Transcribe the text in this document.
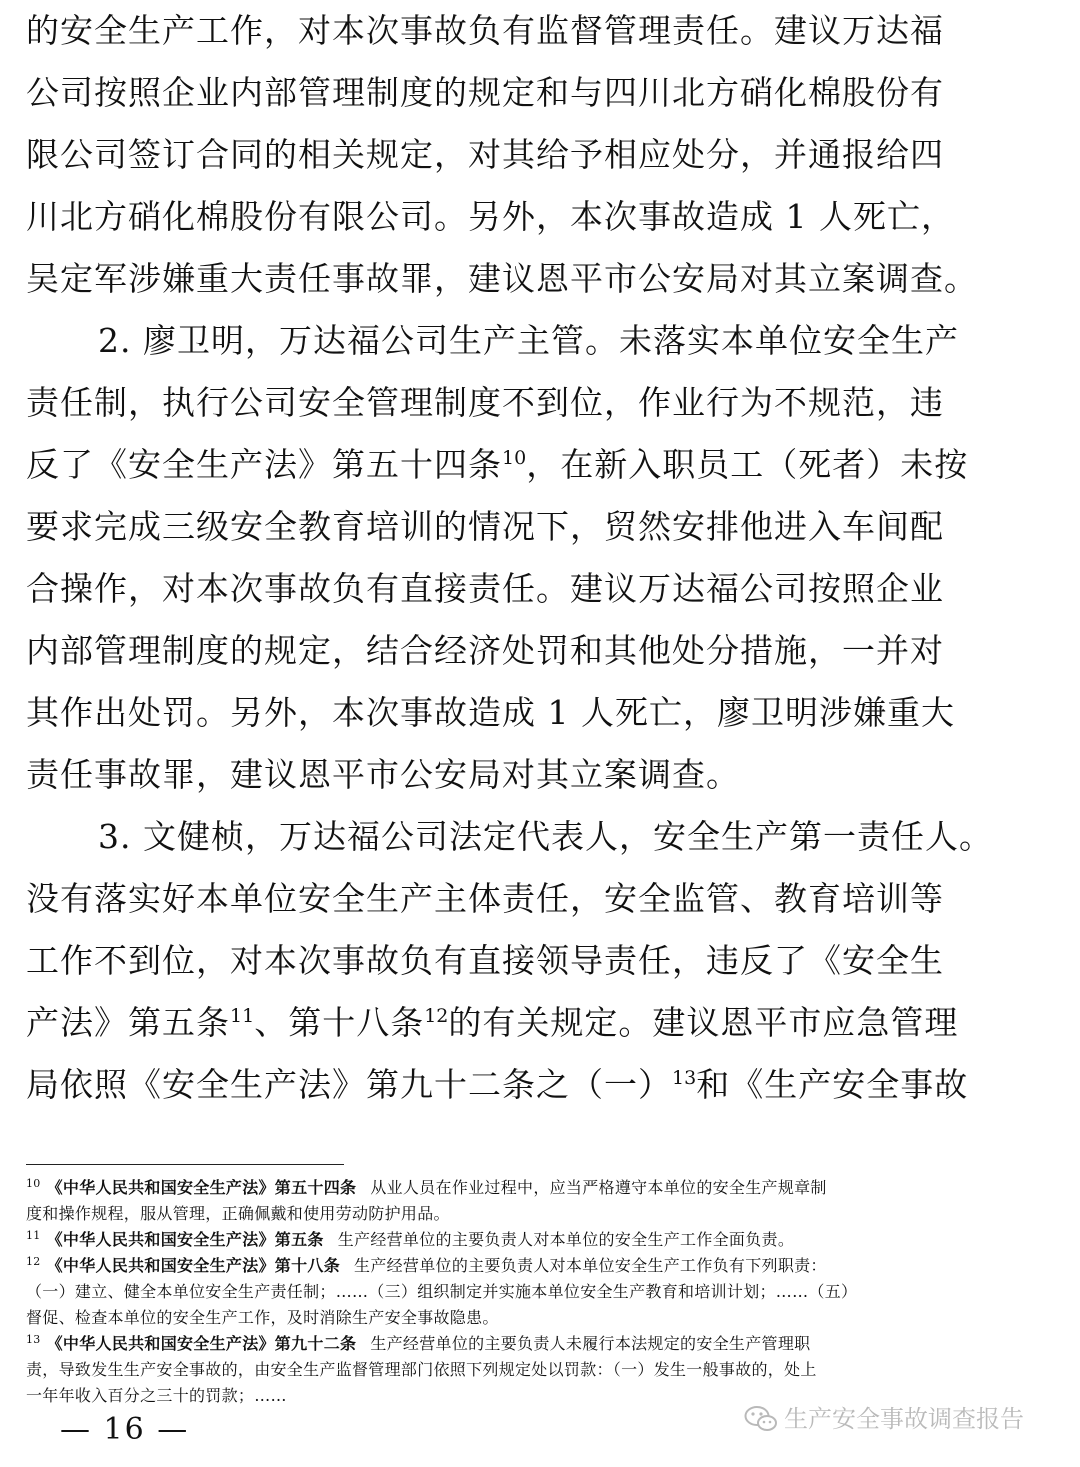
的安全生产工作，对本次事故负有监督管理责任。建议万达福
公司按照企业内部管理制度的规定和与四川北方硝化棉股份有
限公司签订合同的相关规定，对其给予相应处分，并通报给四
川北方硝化棉股份有限公司。另外，本次事故造成 1 人死亡，
吴定军涉嫌重大责任事故罪，建议恩平市公安局对其立案调查。

2. 廖卫明，万达福公司生产主管。未落实本单位安全生产
责任制，执行公司安全管理制度不到位，作业行为不规范，违
反了《安全生产法》第五十四条$^{10}$，在新入职员工（死者）未按
要求完成三级安全教育培训的情况下，贸然安排他进入车间配
合操作，对本次事故负有直接责任。建议万达福公司按照企业
内部管理制度的规定，结合经济处罚和其他处分措施，一并对
其作出处罚。另外，本次事故造成 1 人死亡，廖卫明涉嫌重大
责任事故罪，建议恩平市公安局对其立案调查。

3. 文健桢，万达福公司法定代表人，安全生产第一责任人。
没有落实好本单位安全生产主体责任，安全监管、教育培训等
工作不到位，对本次事故负有直接领导责任，违反了《安全生
产法》第五条$^{11}$、第十八条$^{12}$的有关规定。建议恩平市应急管理
局依照《安全生产法》第九十二条之（一）$^{13}$和《生产安全事故

$^{10}$ 《中华人民共和国安全生产法》第五十四条 从业人员在作业过程中，应当严格遵守本单位的安全生产规章制
度和操作规程，服从管理，正确佩戴和使用劳动防护用品。
$^{11}$ 《中华人民共和国安全生产法》第五条 生产经营单位的主要负责人对本单位的安全生产工作全面负责。
$^{12}$ 《中华人民共和国安全生产法》第十八条 生产经营单位的主要负责人对本单位安全生产工作负有下列职责：
（一）建立、健全本单位安全生产责任制；……（三）组织制定并实施本单位安全生产教育和培训计划；……（五）
督促、检查本单位的安全生产工作，及时消除生产安全事故隐患。
$^{13}$ 《中华人民共和国安全生产法》第九十二条 生产经营单位的主要负责人未履行本法规定的安全生产管理职
责，导致发生生产安全事故的，由安全生产监督管理部门依照下列规定处以罚款：（一）发生一般事故的，处上
一年年收入百分之三十的罚款；……
— 16 —	生产安全事故调查报告
